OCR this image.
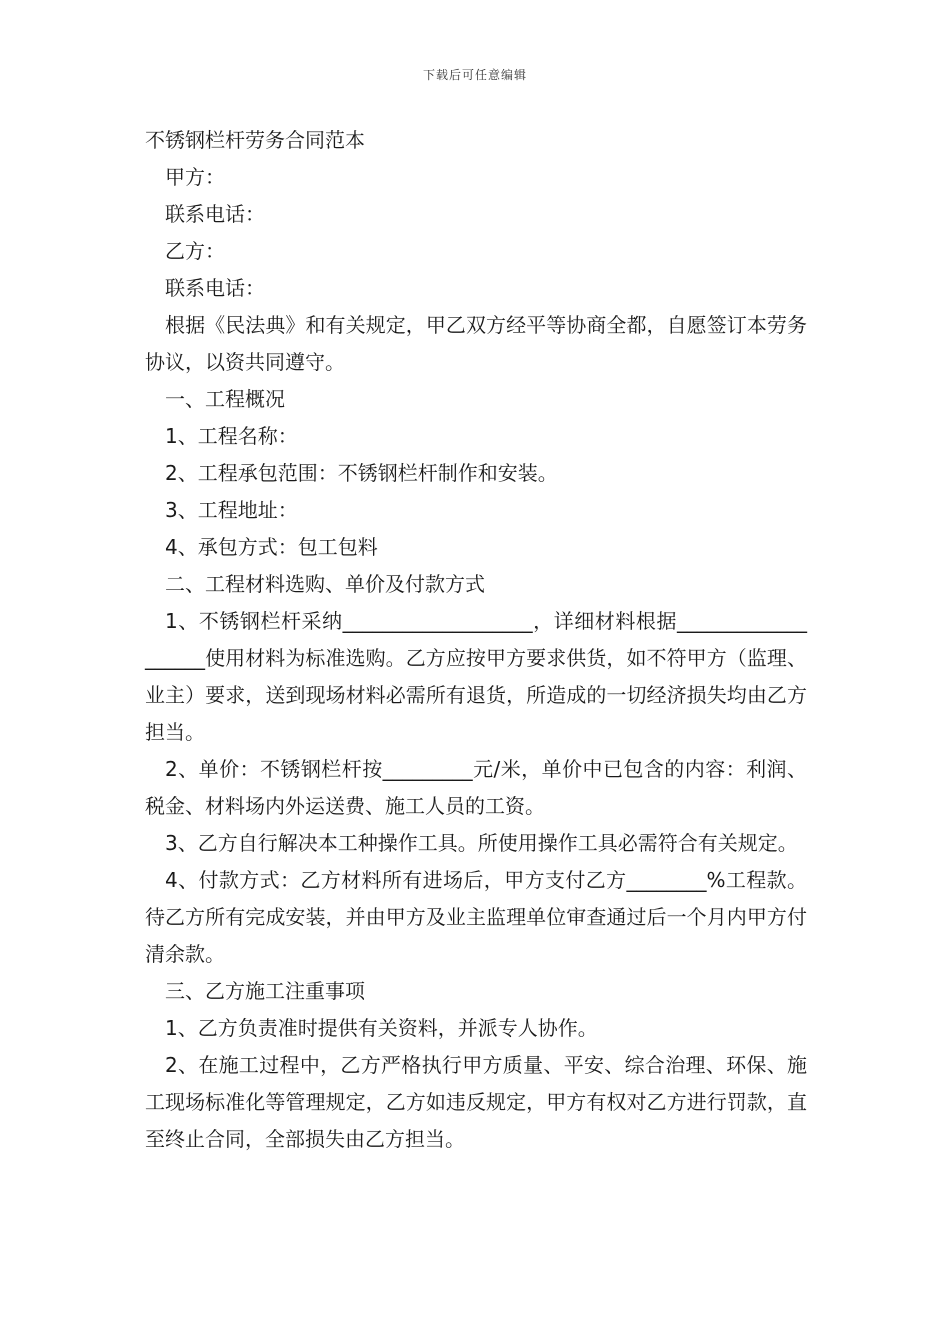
下载后可任意编辑
不锈钢栏杆劳务合同范本

甲方：

联系电话：

乙方：

联系电话：

根据《民法典》和有关规定，甲乙双方经平等协商全都，自愿签订本劳务协议，以资共同遵守。

一、工程概况

1、工程名称：

2、工程承包范围：不锈钢栏杆制作和安装。

3、工程地址：

4、承包方式：包工包料

二、工程材料选购、单价及付款方式

1、不锈钢栏杆采纳___________________，详细材料根据___________________使用材料为标准选购。乙方应按甲方要求供货，如不符甲方（监理、业主）要求，送到现场材料必需所有退货，所造成的一切经济损失均由乙方担当。

2、单价：不锈钢栏杆按_________元/米，单价中已包含的内容：利润、税金、材料场内外运送费、施工人员的工资。

3、乙方自行解决本工种操作工具。所使用操作工具必需符合有关规定。

4、付款方式：乙方材料所有进场后，甲方支付乙方________%工程款。待乙方所有完成安装，并由甲方及业主监理单位审查通过后一个月内甲方付清余款。

三、乙方施工注重事项

1、乙方负责准时提供有关资料，并派专人协作。

2、在施工过程中，乙方严格执行甲方质量、平安、综合治理、环保、施工现场标准化等管理规定，乙方如违反规定，甲方有权对乙方进行罚款，直至终止合同，全部损失由乙方担当。
